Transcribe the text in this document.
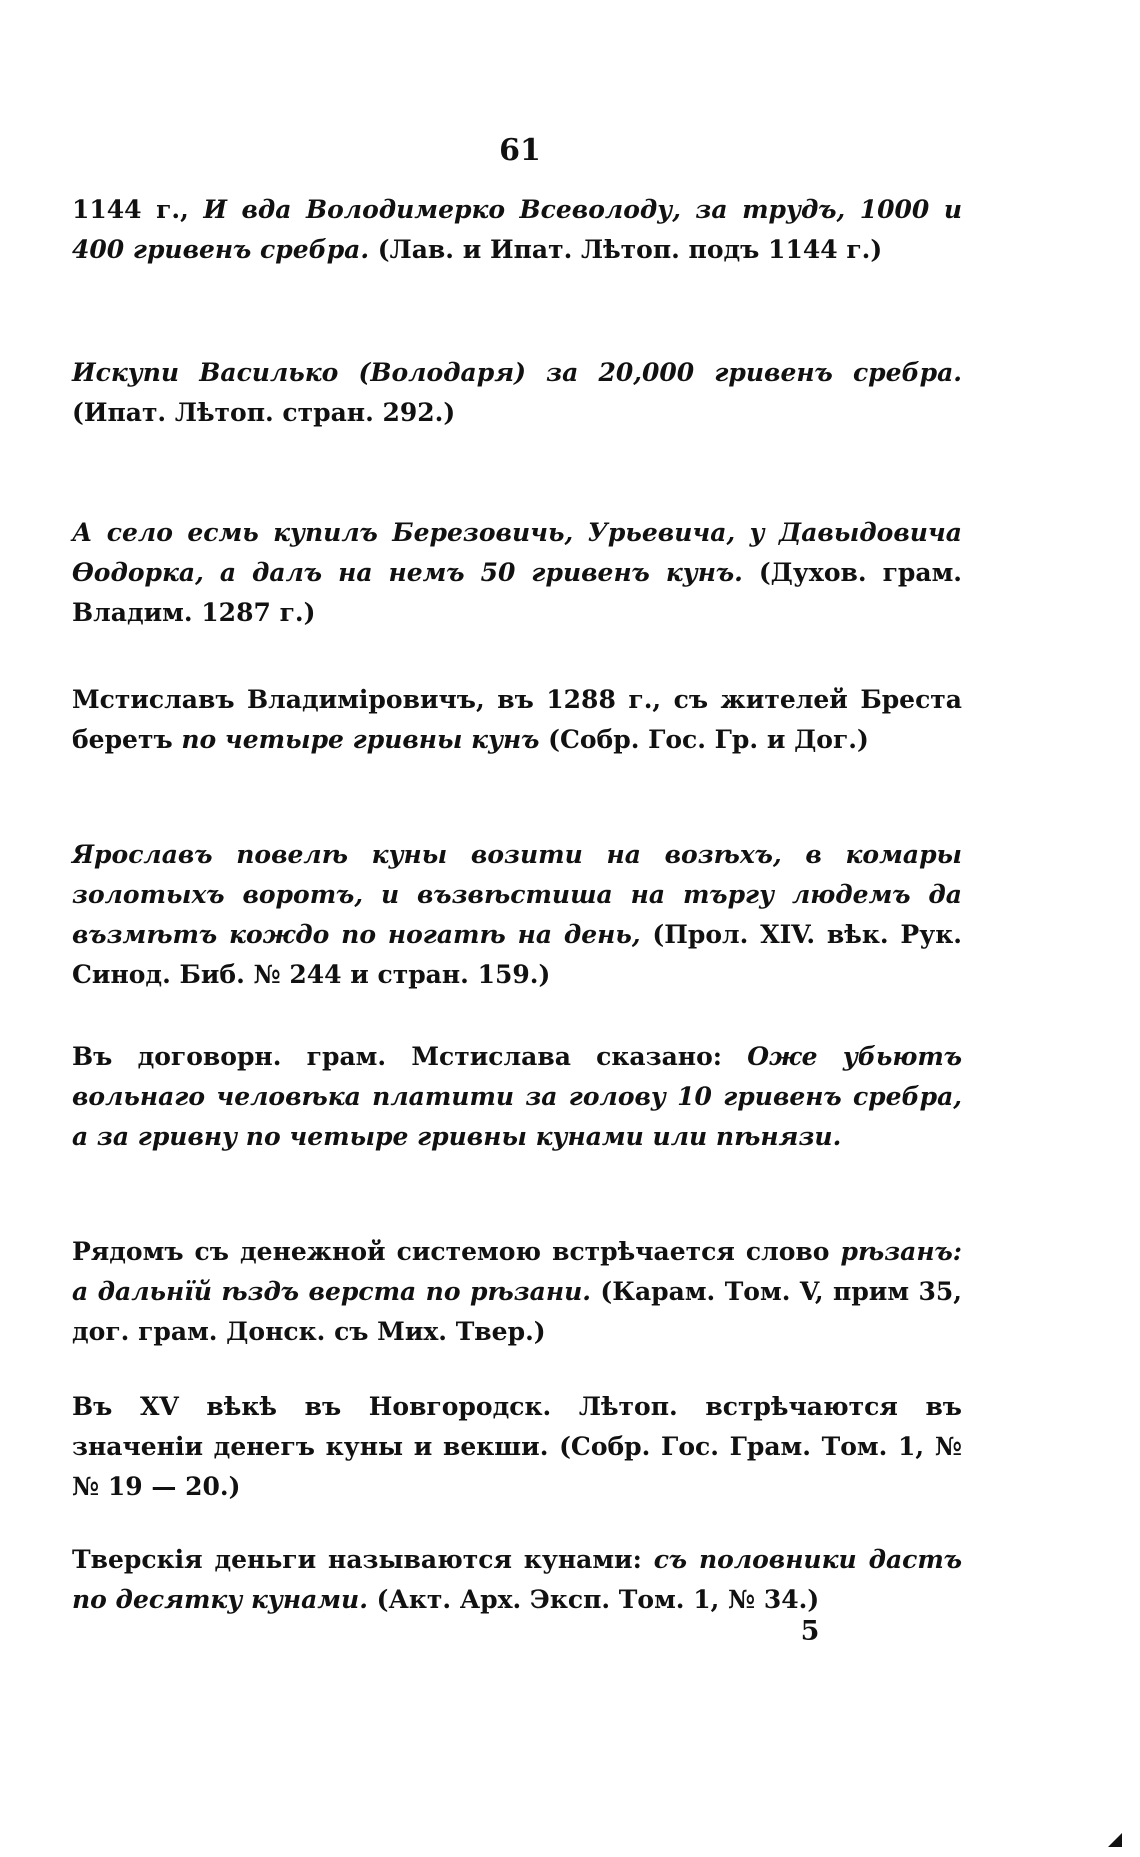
61
1144 г., И вда Володимерко Всеволоду, за трудъ, 1000 и 400 гривенъ сребра. (Лав. и Ипат. Лѣтоп. подъ 1144 г.)
Искупи Василько (Володаря) за 20,000 гривенъ сребра. (Ипат. Лѣтоп. стран. 292.)
А село есмь купилъ Березовичь, Урьевича, у Давыдовича Ѳодорка, а далъ на немъ 50 гривенъ кунъ. (Духов. грам. Владим. 1287 г.)
Мстиславъ Владиміровичъ, въ 1288 г., съ жителей Бреста беретъ по четыре гривны кунъ (Собр. Гос. Гр. и Дог.)
Ярославъ повелѣ куны возити на возѣхъ, в комары золотыхъ воротъ, и възвѣстиша на търгу людемъ да възмѣтъ кождо по ногатѣ на день, (Прол. XIV. вѣк. Рук. Синод. Биб. № 244 и стран. 159.)
Въ договорн. грам. Мстислава сказано: Оже убьютъ вольнаго человѣка платити за голову 10 гривенъ сребра, а за гривну по четыре гривны кунами или пѣнязи.
Рядомъ съ денежной системою встрѣчается слово рѣзанъ: а дальнїй ѣздъ верста по рѣзани. (Карам. Том. V, прим 35, дог. грам. Донск. съ Мих. Твер.)
Въ XV вѣкѣ въ Новгородск. Лѣтоп. встрѣчаются въ значеніи денегъ куны и векши. (Собр. Гос. Грам. Том. 1, №№ 19 — 20.)
Тверскія деньги называются кунами: съ половники дастъ по десятку кунами. (Акт. Арх. Эксп. Том. 1, № 34.)
5
